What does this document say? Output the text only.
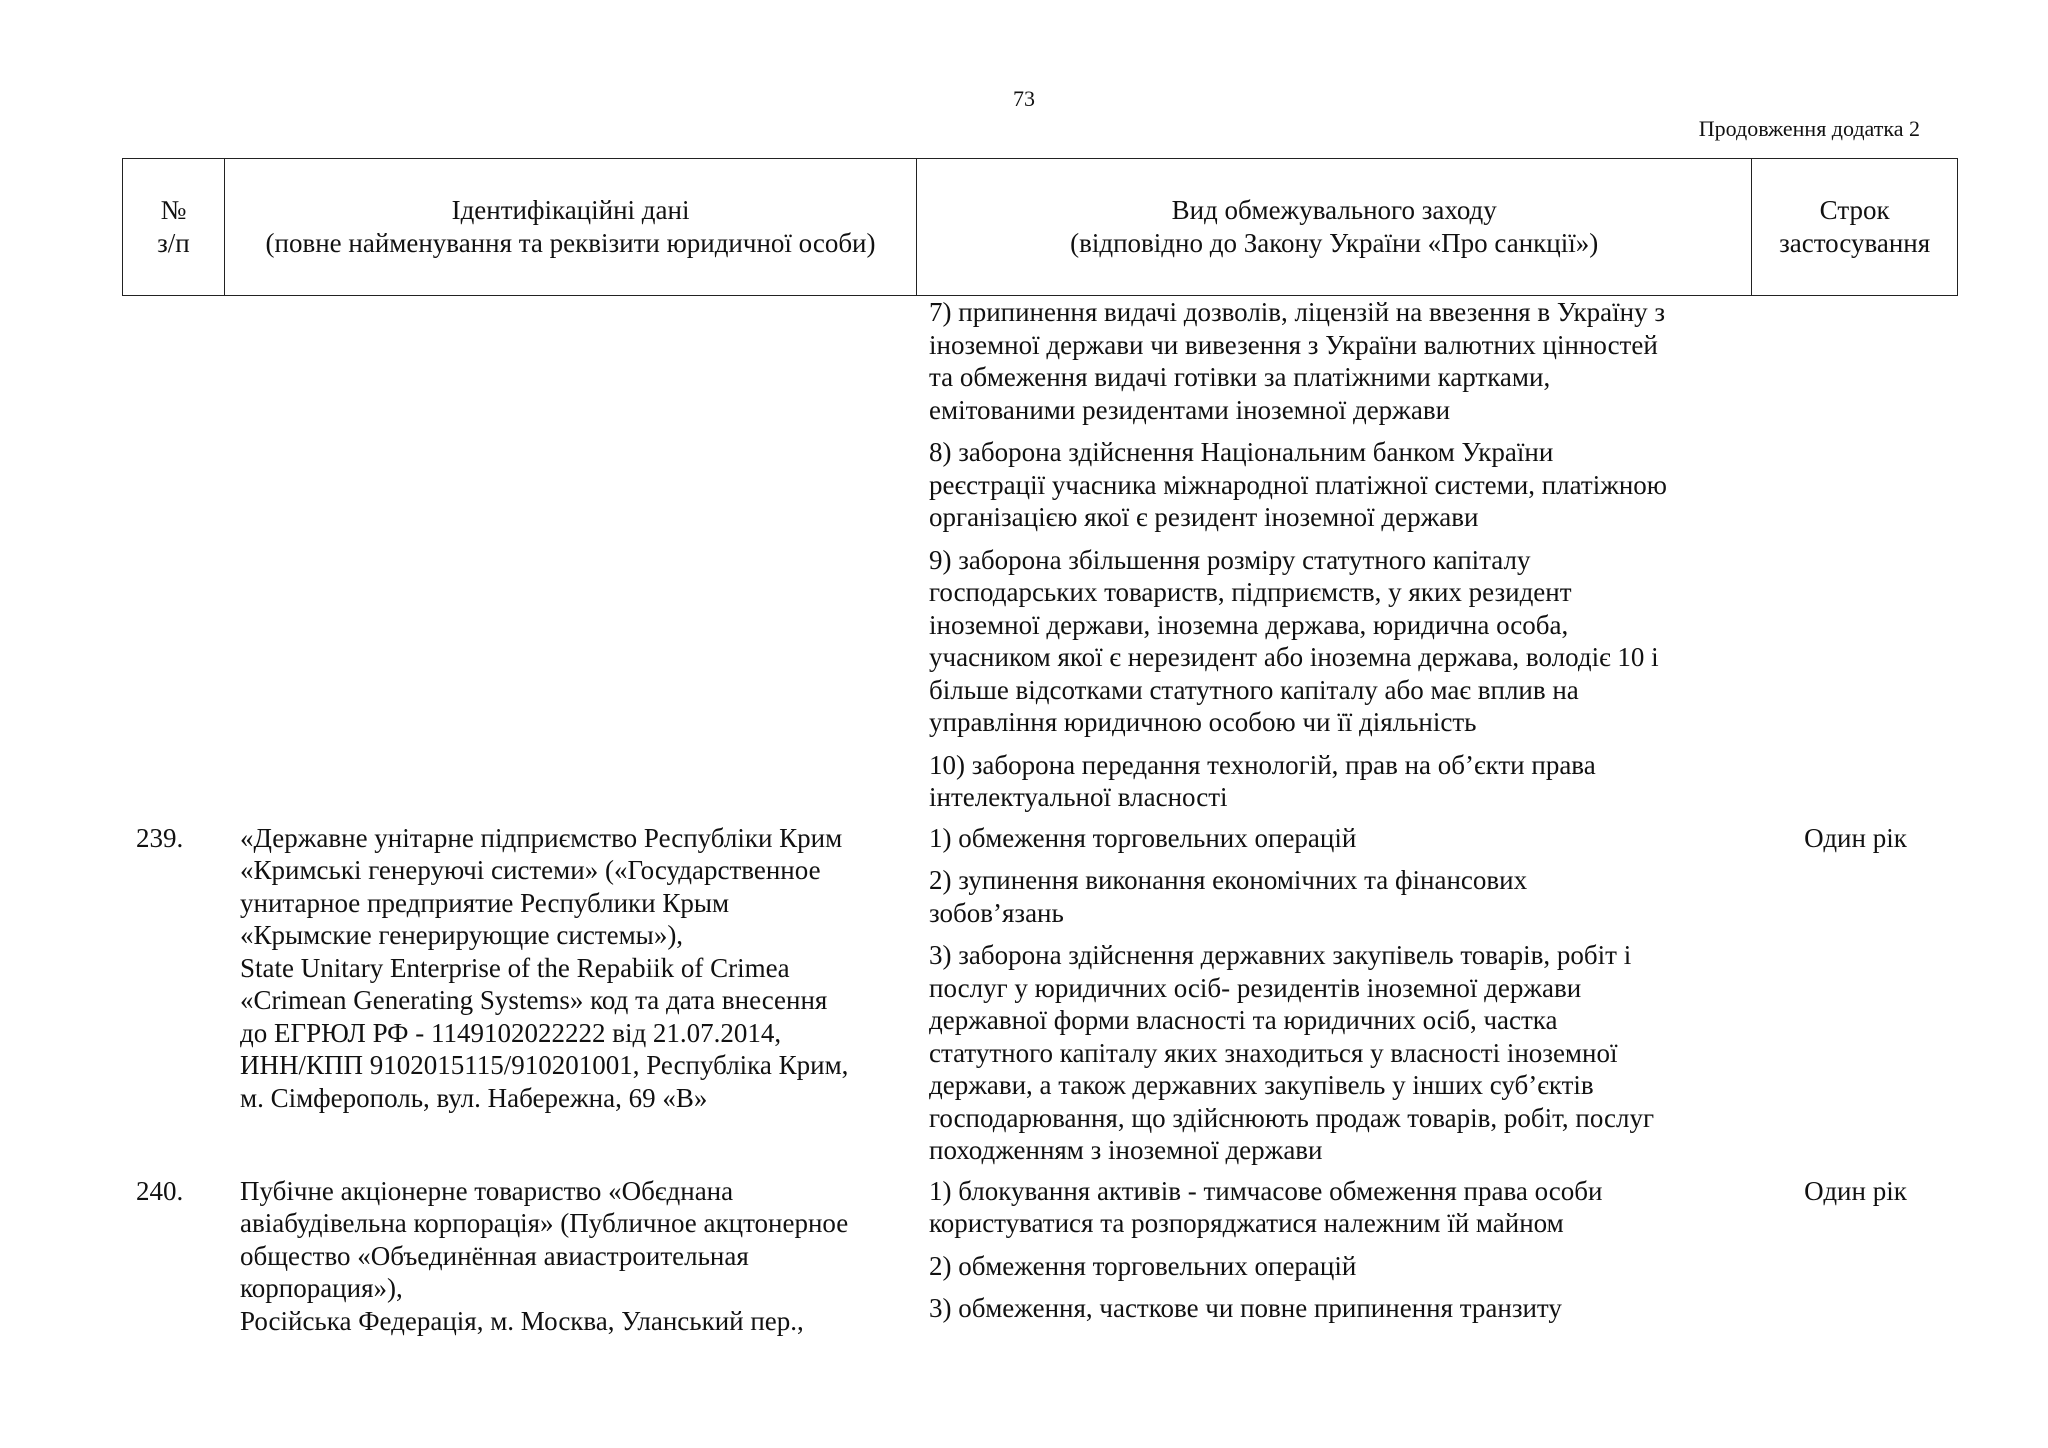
73
Продовження додатка 2
№
з/п
Ідентифікаційні дані
(повне найменування та реквізити юридичної особи)
Вид обмежувального заходу
(відповідно до Закону України «Про санкції»)
Строк
застосування
7) припинення видачі дозволів, ліцензій на ввезення в Україну з
іноземної держави чи вивезення з України валютних цінностей
та обмеження видачі готівки за платіжними картками,
емітованими резидентами іноземної держави
8) заборона здійснення Національним банком України
реєстрації учасника міжнародної платіжної системи, платіжною
організацією якої є резидент іноземної держави
9) заборона збільшення розміру статутного капіталу
господарських товариств, підприємств, у яких резидент
іноземної держави, іноземна держава, юридична особа,
учасником якої є нерезидент або іноземна держава, володіє 10 і
більше відсотками статутного капіталу або має вплив на
управління юридичною особою чи її діяльність
10) заборона передання технологій, прав на об’єкти права
інтелектуальної власності
239.	«Державне унітарне підприємство Республіки Крим
«Кримські генеруючі системи» («Государственное
унитарное предприятие Республики Крым
«Крымские генерирующие системы»),
State Unitary Enterprise of the Repabiik of Crimea
«Crimean Generating Systems» код та дата внесення
до ЕГРЮЛ РФ - 1149102022222 від 21.07.2014,
ИНН/КПП 9102015115/910201001, Республіка Крим,
м. Сімферополь, вул. Набережна, 69 «В»
1) обмеження торговельних операцій
2) зупинення виконання економічних та фінансових
зобов’язань
3) заборона здійснення державних закупівель товарів, робіт і
послуг у юридичних осіб- резидентів іноземної держави
державної форми власності та юридичних осіб, частка
статутного капіталу яких знаходиться у власності іноземної
держави, а також державних закупівель у інших суб’єктів
господарювання, що здійснюють продаж товарів, робіт, послуг
походженням з іноземної держави
Один рік
240.	Пубічне акціонерне товариство «Обєднана
авіабудівельна корпорація» (Публичное акцтонерное
общество «Объединённая авиастроительная
корпорация»),
Російська Федерація, м. Москва, Уланський пер.,
1) блокування активів - тимчасове обмеження права особи
користуватися та розпоряджатися належним їй майном
2) обмеження торговельних операцій
3) обмеження, часткове чи повне припинення транзиту
Один рік
